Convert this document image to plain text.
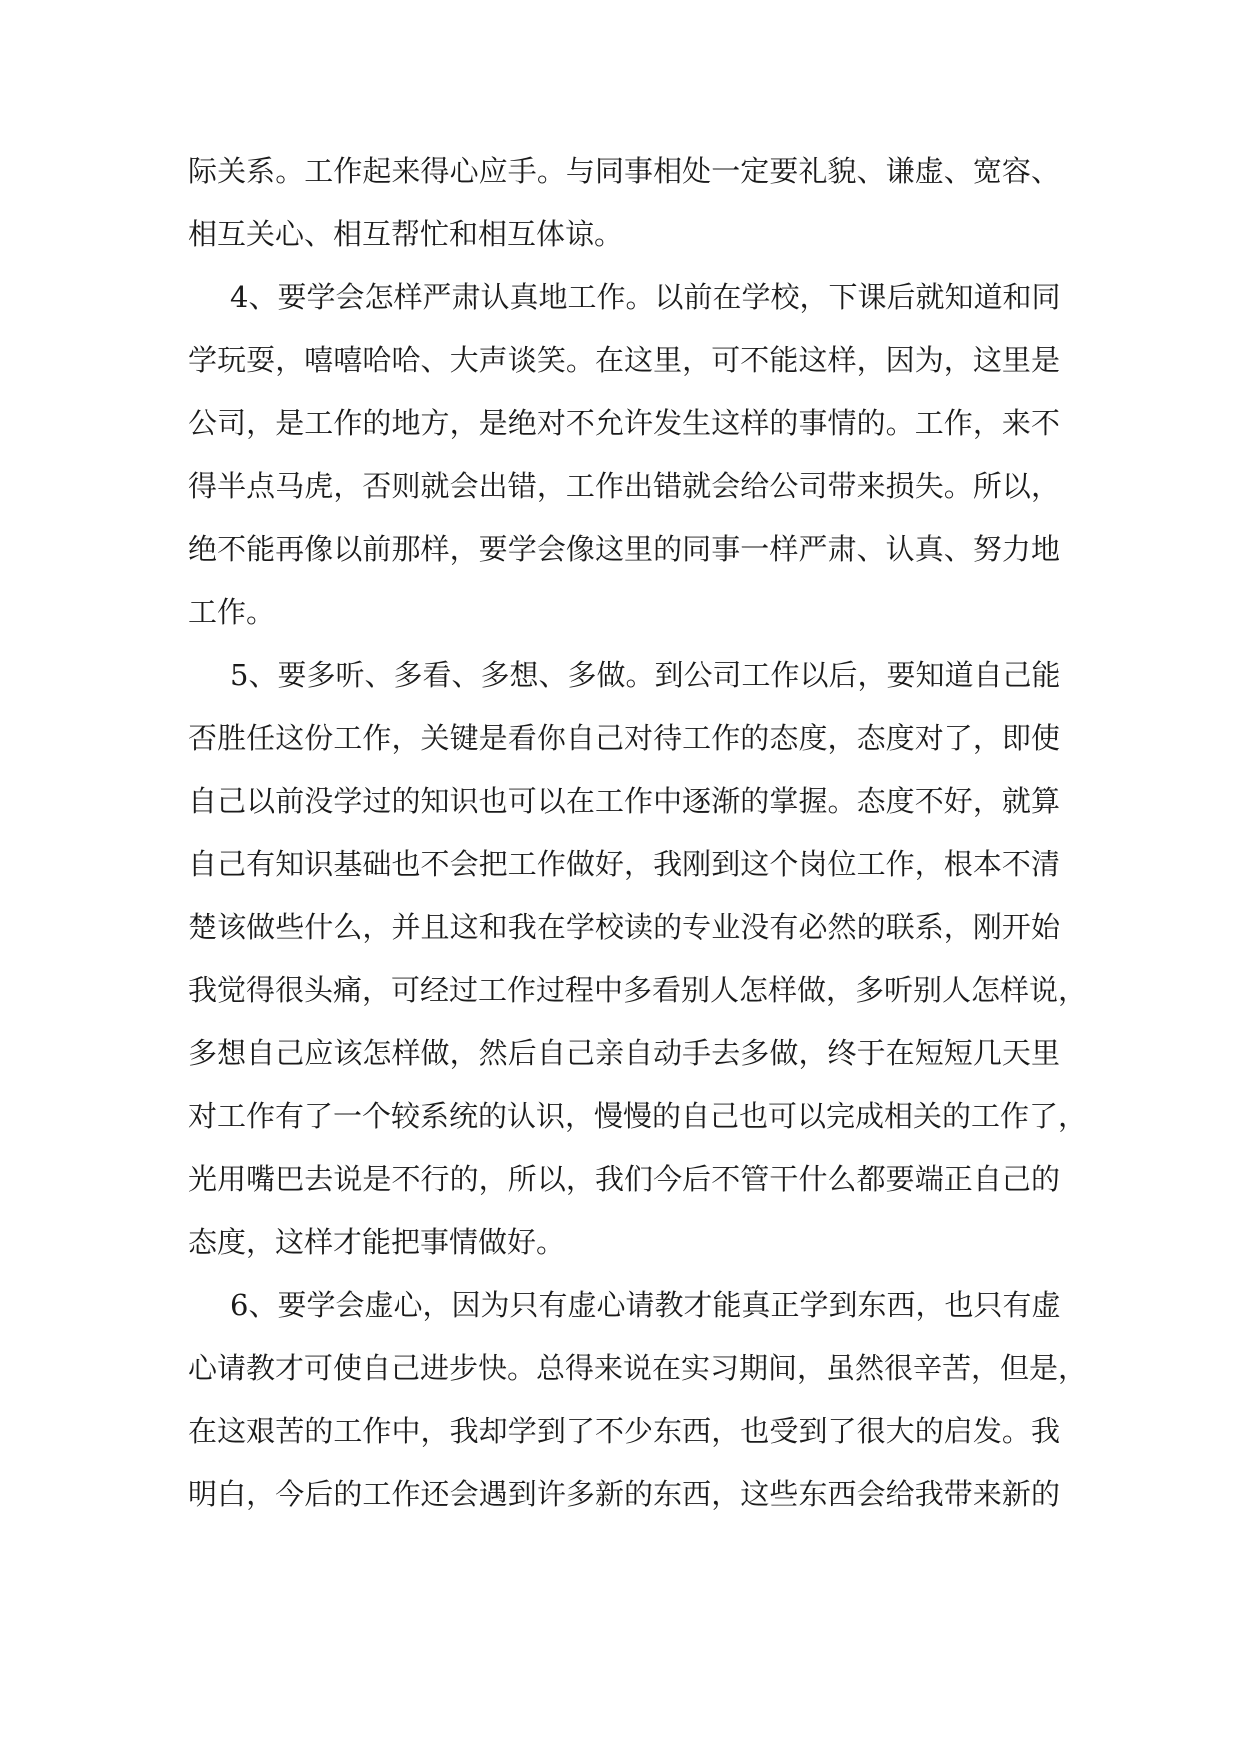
际关系。工作起来得心应手。与同事相处一定要礼貌、谦虚、宽容、
相互关心、相互帮忙和相互体谅。
4、要学会怎样严肃认真地工作。以前在学校，下课后就知道和同
学玩耍，嘻嘻哈哈、大声谈笑。在这里，可不能这样，因为，这里是
公司，是工作的地方，是绝对不允许发生这样的事情的。工作，来不
得半点马虎，否则就会出错，工作出错就会给公司带来损失。所以，
绝不能再像以前那样，要学会像这里的同事一样严肃、认真、努力地
工作。
5、要多听、多看、多想、多做。到公司工作以后，要知道自己能
否胜任这份工作，关键是看你自己对待工作的态度，态度对了，即使
自己以前没学过的知识也可以在工作中逐渐的掌握。态度不好，就算
自己有知识基础也不会把工作做好，我刚到这个岗位工作，根本不清
楚该做些什么，并且这和我在学校读的专业没有必然的联系，刚开始
我觉得很头痛，可经过工作过程中多看别人怎样做，多听别人怎样说，
多想自己应该怎样做，然后自己亲自动手去多做，终于在短短几天里
对工作有了一个较系统的认识，慢慢的自己也可以完成相关的工作了，
光用嘴巴去说是不行的，所以，我们今后不管干什么都要端正自己的
态度，这样才能把事情做好。
6、要学会虚心，因为只有虚心请教才能真正学到东西，也只有虚
心请教才可使自己进步快。总得来说在实习期间，虽然很辛苦，但是，
在这艰苦的工作中，我却学到了不少东西，也受到了很大的启发。我
明白，今后的工作还会遇到许多新的东西，这些东西会给我带来新的
